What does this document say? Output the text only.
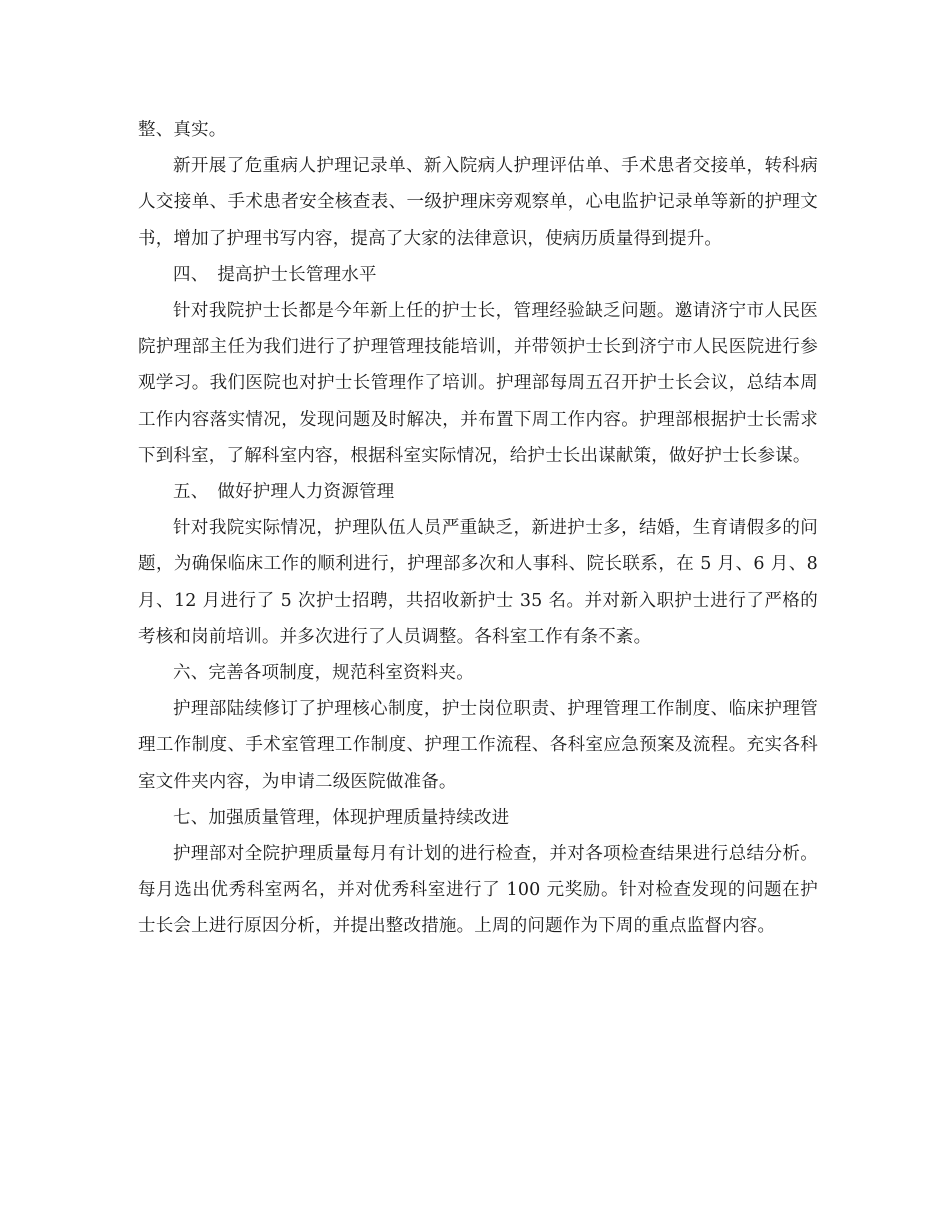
整、真实。

新开展了危重病人护理记录单、新入院病人护理评估单、手术患者交接单，转科病人交接单、手术患者安全核查表、一级护理床旁观察单，心电监护记录单等新的护理文书，增加了护理书写内容，提高了大家的法律意识，使病历质量得到提升。

四、　提高护士长管理水平

针对我院护士长都是今年新上任的护士长，管理经验缺乏问题。邀请济宁市人民医院护理部主任为我们进行了护理管理技能培训，并带领护士长到济宁市人民医院进行参观学习。我们医院也对护士长管理作了培训。护理部每周五召开护士长会议，总结本周工作内容落实情况，发现问题及时解决，并布置下周工作内容。护理部根据护士长需求下到科室，了解科室内容，根据科室实际情况，给护士长出谋献策，做好护士长参谋。

五、　做好护理人力资源管理

针对我院实际情况，护理队伍人员严重缺乏，新进护士多，结婚，生育请假多的问题，为确保临床工作的顺利进行，护理部多次和人事科、院长联系，在 5 月、6 月、8 月、12 月进行了 5 次护士招聘，共招收新护士 35 名。并对新入职护士进行了严格的考核和岗前培训。并多次进行了人员调整。各科室工作有条不紊。

六、完善各项制度，规范科室资料夹。

护理部陆续修订了护理核心制度，护士岗位职责、护理管理工作制度、临床护理管理工作制度、手术室管理工作制度、护理工作流程、各科室应急预案及流程。充实各科室文件夹内容，为申请二级医院做准备。

七、加强质量管理，体现护理质量持续改进

护理部对全院护理质量每月有计划的进行检查，并对各项检查结果进行总结分析。每月选出优秀科室两名，并对优秀科室进行了 100 元奖励。针对检查发现的问题在护士长会上进行原因分析，并提出整改措施。上周的问题作为下周的重点监督内容。
